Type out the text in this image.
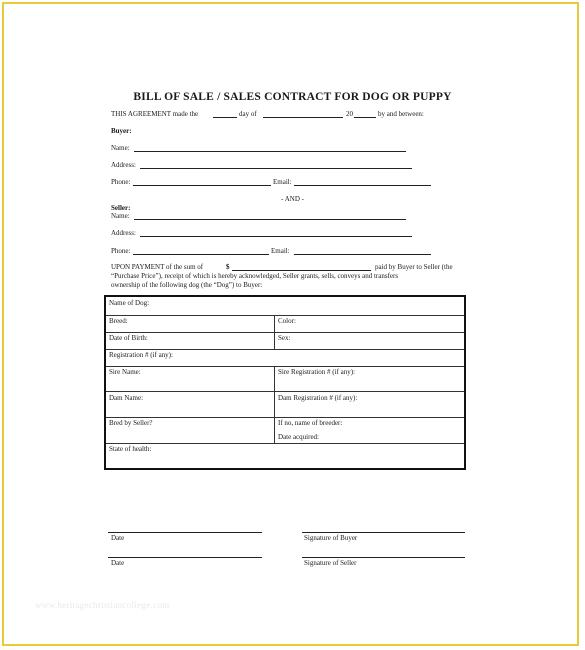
BILL OF SALE / SALES CONTRACT FOR DOG OR PUPPY
THIS AGREEMENT made the	day of	20	by and between:
Buyer:
Name:
Address:
Phone:	Email:
- AND -
Seller:
Name:
Address:
Phone:	Email:
UPON PAYMENT of the sum of	$	paid by Buyer to Seller (the
“Purchase Price”), receipt of which is hereby acknowledged, Seller grants, sells, conveys and transfers
ownership of the following dog (the “Dog”) to Buyer:
Name of Dog:
Breed:	Color:
Date of Birth:	Sex:
Registration # (if any):
Sire Name:	Sire Registration # (if any):
Dam Name:	Dam Registration # (if any):
Bred by Seller?	If no, name of breeder:
Date acquired:
State of health:
Date	Signature of Buyer
Date	Signature of Seller
www.heritagechristiancollege.com
